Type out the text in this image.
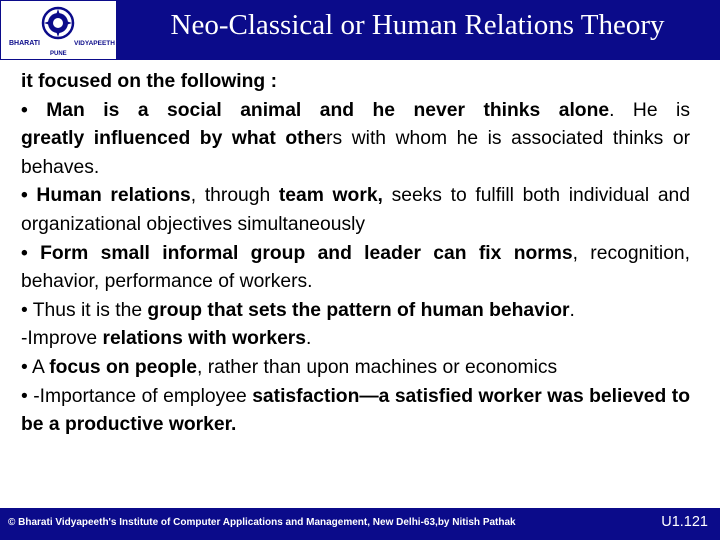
BHARATI	VIDYAPEETH
PUNE
Neo-Classical or Human Relations Theory
it focused on the following :
• Man is a social animal and he never thinks alone. He is
greatly influenced by what others with whom he is associated thinks or behaves.
• Human relations, through team work, seeks to fulfill both individual and organizational objectives simultaneously
• Form small informal group and leader can fix norms, recognition, behavior, performance of workers.
• Thus it is the group that sets the pattern of human behavior.
-Improve relations with workers.
• A focus on people, rather than upon machines or economics
• -Importance of employee satisfaction—a satisfied worker was believed to be a productive worker.
© Bharati Vidyapeeth's Institute of Computer Applications and Management, New Delhi-63,by Nitish Pathak	U1.121
